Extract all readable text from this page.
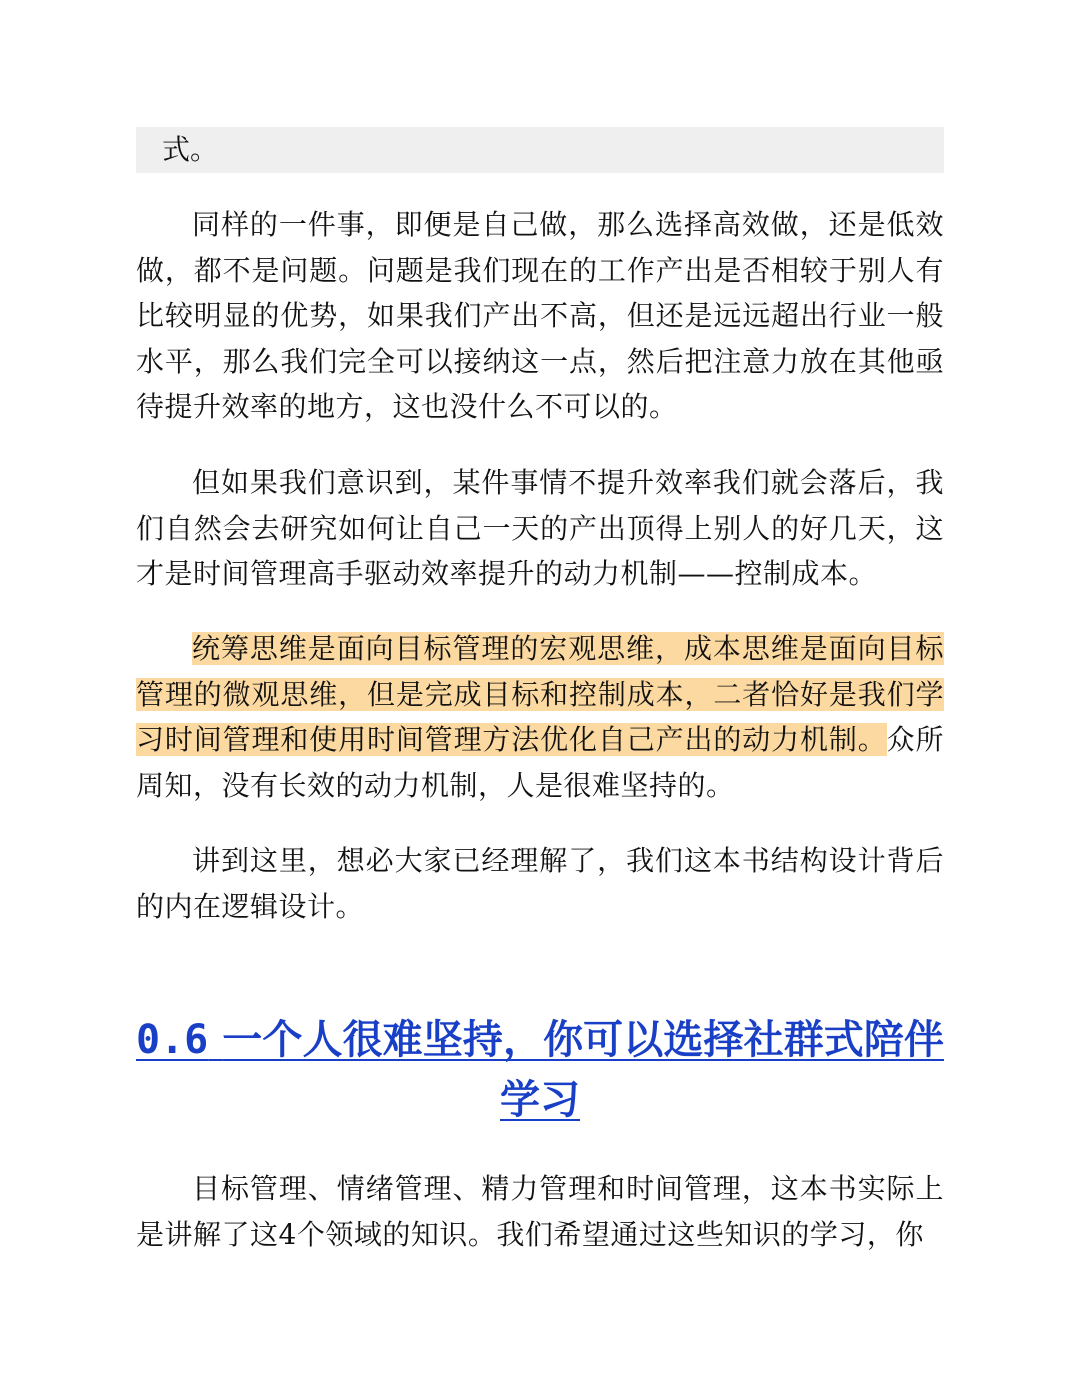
式。

同样的一件事，即便是自己做，那么选择高效做，还是低效做，都不是问题。问题是我们现在的工作产出是否相较于别人有比较明显的优势，如果我们产出不高，但还是远远超出行业一般水平，那么我们完全可以接纳这一点，然后把注意力放在其他亟待提升效率的地方，这也没什么不可以的。

但如果我们意识到，某件事情不提升效率我们就会落后，我们自然会去研究如何让自己一天的产出顶得上别人的好几天，这才是时间管理高手驱动效率提升的动力机制——控制成本。

统筹思维是面向目标管理的宏观思维，成本思维是面向目标管理的微观思维，但是完成目标和控制成本，二者恰好是我们学习时间管理和使用时间管理方法优化自己产出的动力机制。众所周知，没有长效的动力机制，人是很难坚持的。

讲到这里，想必大家已经理解了，我们这本书结构设计背后的内在逻辑设计。

0.6 一个人很难坚持，你可以选择社群式陪伴学习

目标管理、情绪管理、精力管理和时间管理，这本书实际上是讲解了这4个领域的知识。我们希望通过这些知识的学习，你
